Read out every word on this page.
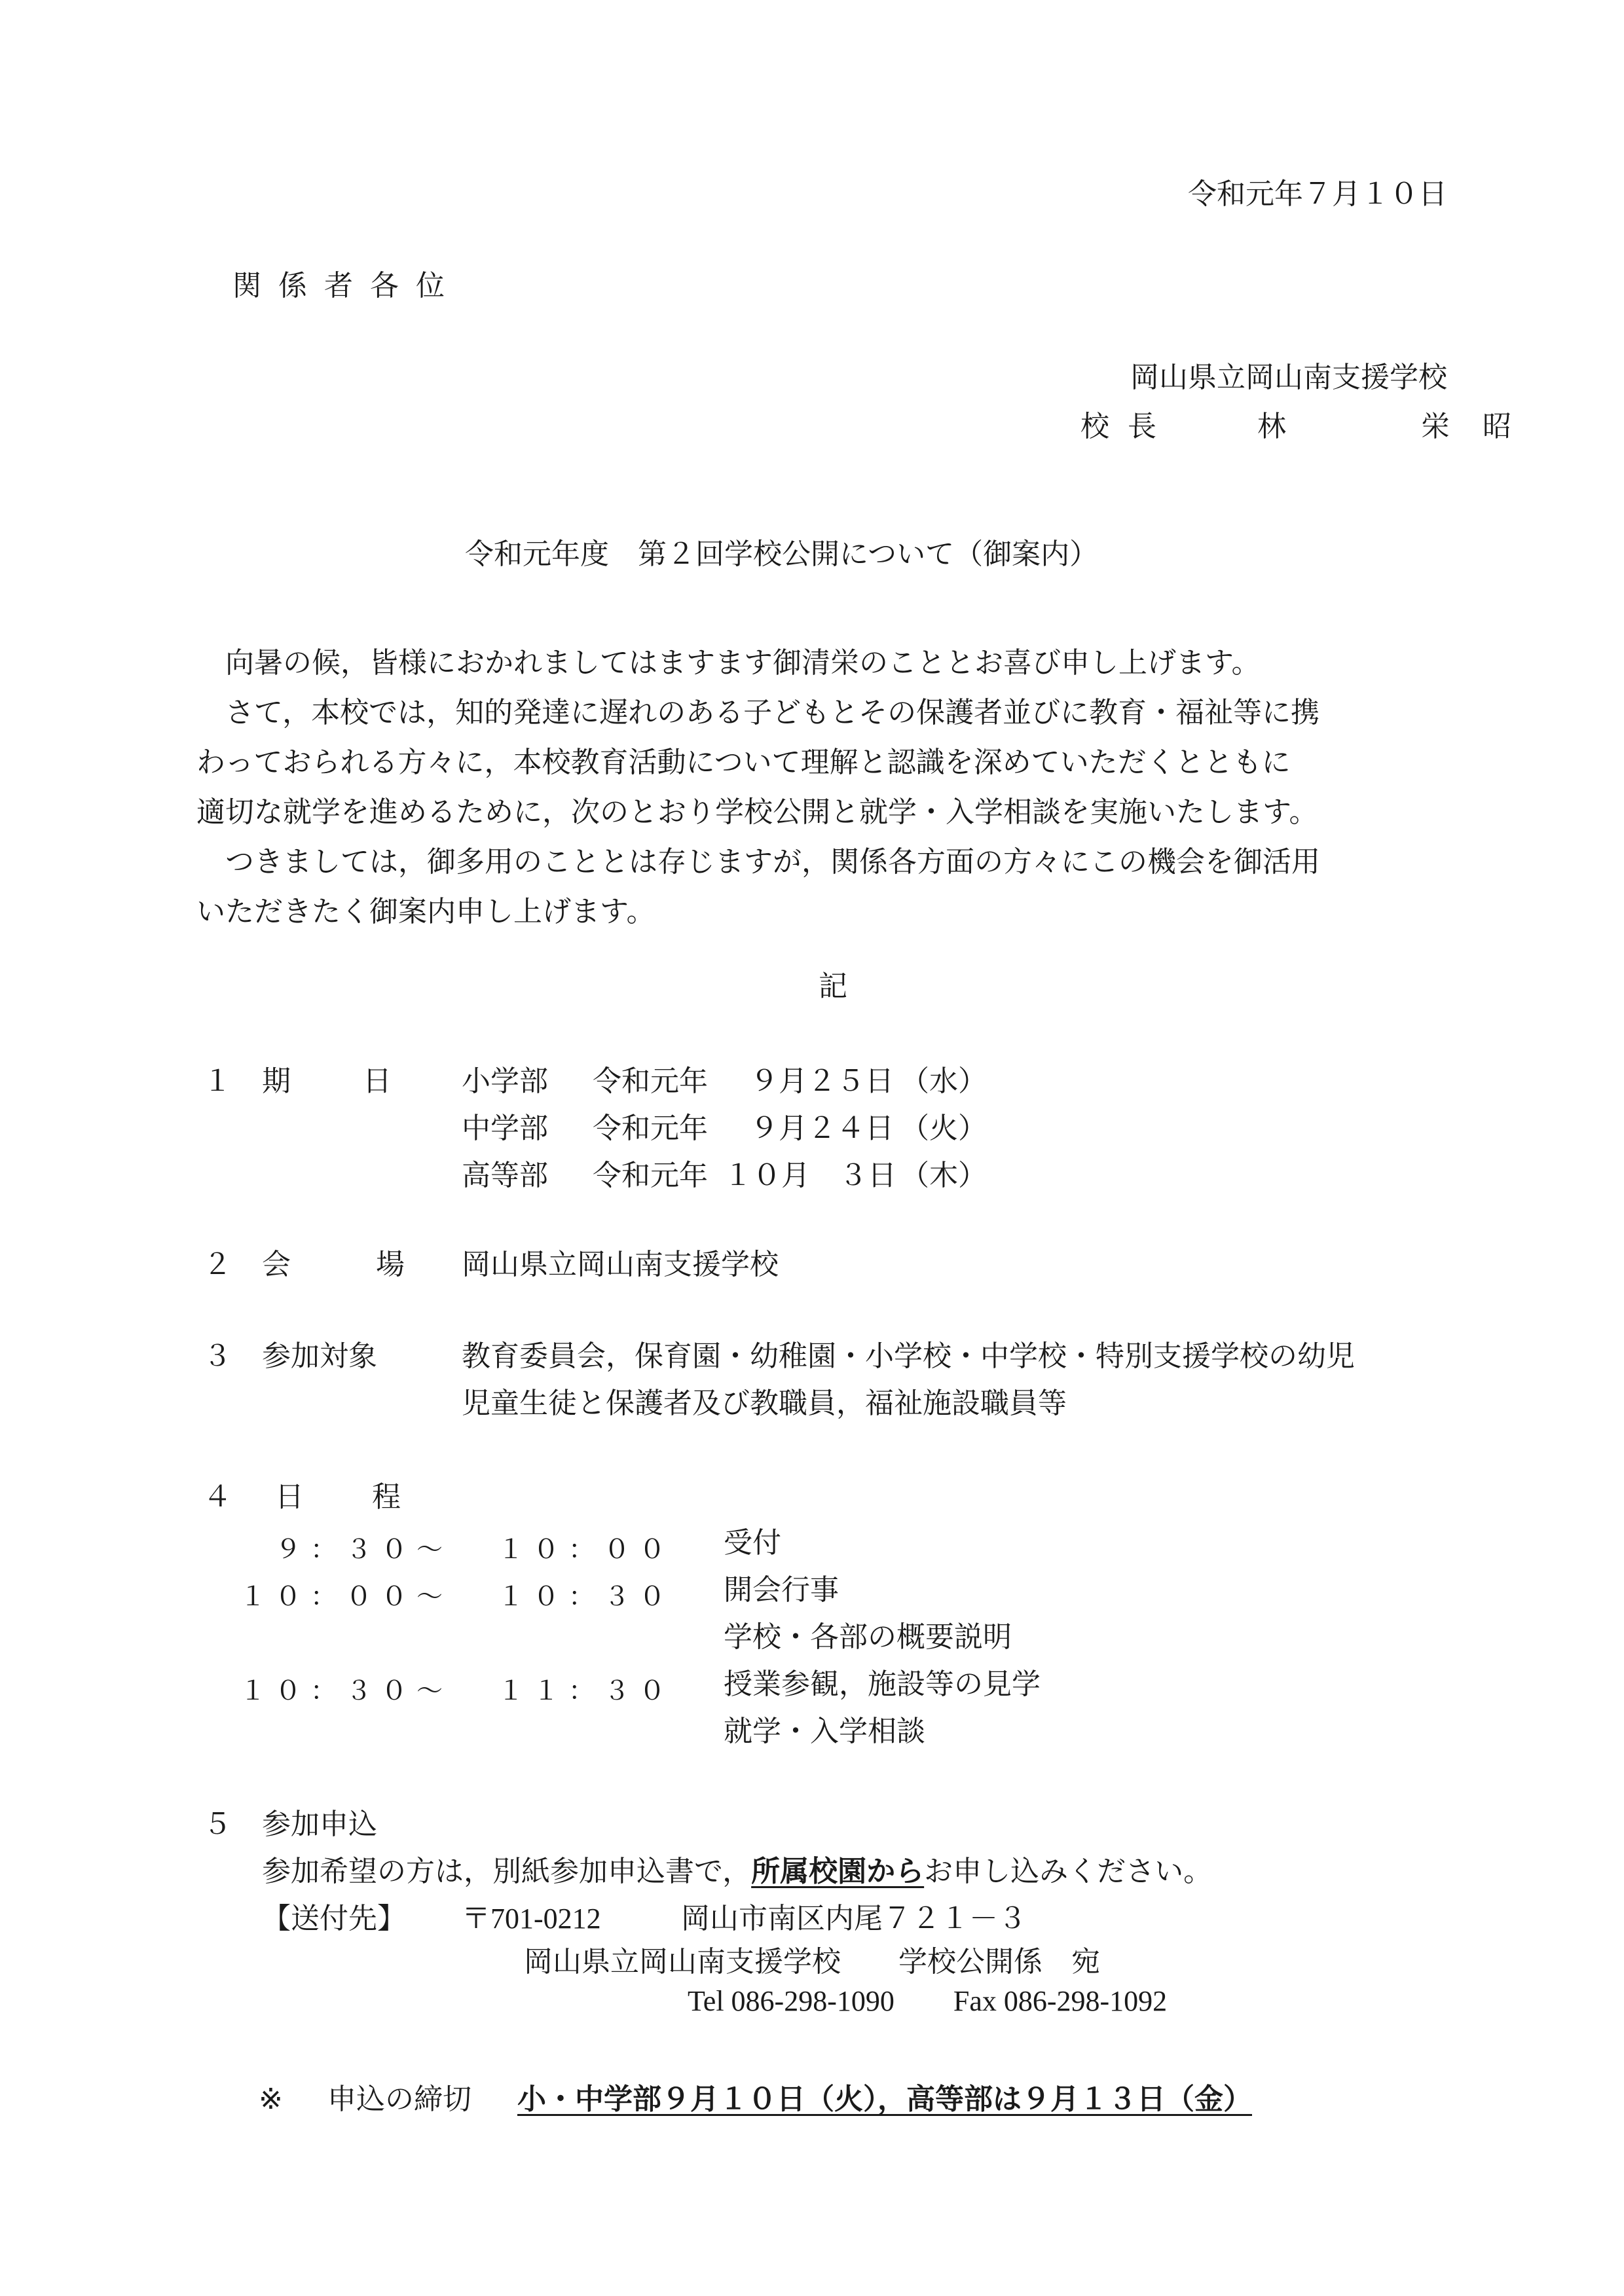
令和元年７月１０日
関係者各位
岡山県立岡山南支援学校
校長	林	栄昭
令和元年度　第２回学校公開について（御案内）
　向暑の候，皆様におかれましてはますます御清栄のこととお喜び申し上げます。
　さて，本校では，知的発達に遅れのある子どもとその保護者並びに教育・福祉等に携
わっておられる方々に，本校教育活動について理解と認識を深めていただくとともに
適切な就学を進めるために，次のとおり学校公開と就学・入学相談を実施いたします。
　つきましては，御多用のこととは存じますが，関係各方面の方々にこの機会を御活用
いただきたく御案内申し上げます。
記
１ 期日
小学部 令和元年 ９月２５日 （水）
中学部 令和元年 ９月２４日 （火）
高等部 令和元年 １０月　３日 （木）
２ 会場
岡山県立岡山南支援学校
３ 参加対象	教育委員会，保育園・幼稚園・小学校・中学校・特別支援学校の幼児
児童生徒と保護者及び教職員，福祉施設職員等
４ 日程
９：３０～ １０：００ 受付
１０：００～ １０：３０ 開会行事
学校・各部の概要説明
１０：３０～ １１：３０ 授業参観，施設等の見学
就学・入学相談
５ 参加申込
参加希望の方は，別紙参加申込書で，所属校園からお申し込みください。
【送付先】 〒701-0212	岡山市南区内尾７２１－３
岡山県立岡山南支援学校　　学校公開係　宛
Tel 086-298-1090 Fax 086-298-1092
※ 申込の締切 小・中学部９月１０日（火），高等部は９月１３日（金）
